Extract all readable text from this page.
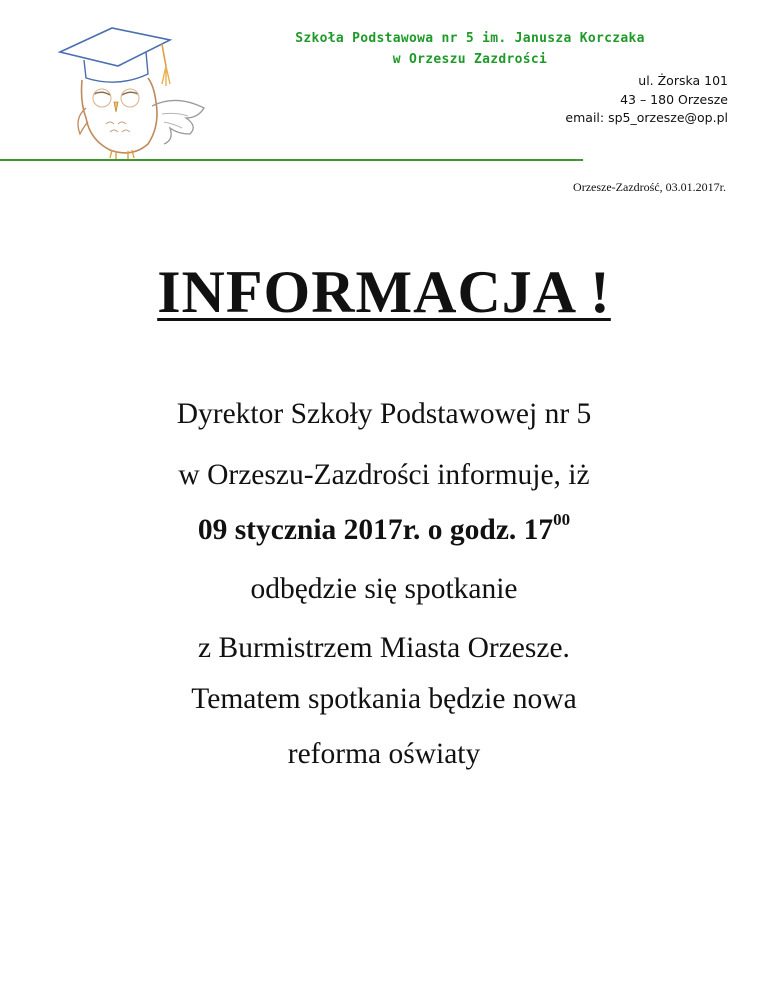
Szkoła Podstawowa nr 5 im. Janusza Korczaka
w Orzeszu Zazdrości
ul. Żorska 101
43 – 180 Orzesze
email: sp5_orzesze@op.pl
Orzesze-Zazdrość, 03.01.2017r.
INFORMACJA !
Dyrektor Szkoły Podstawowej nr 5
w Orzeszu-Zazdrości informuje, iż
09 stycznia 2017r. o godz. $17^{00}$
odbędzie się spotkanie
z Burmistrzem Miasta Orzesze.
Tematem spotkania będzie nowa
reforma oświaty
